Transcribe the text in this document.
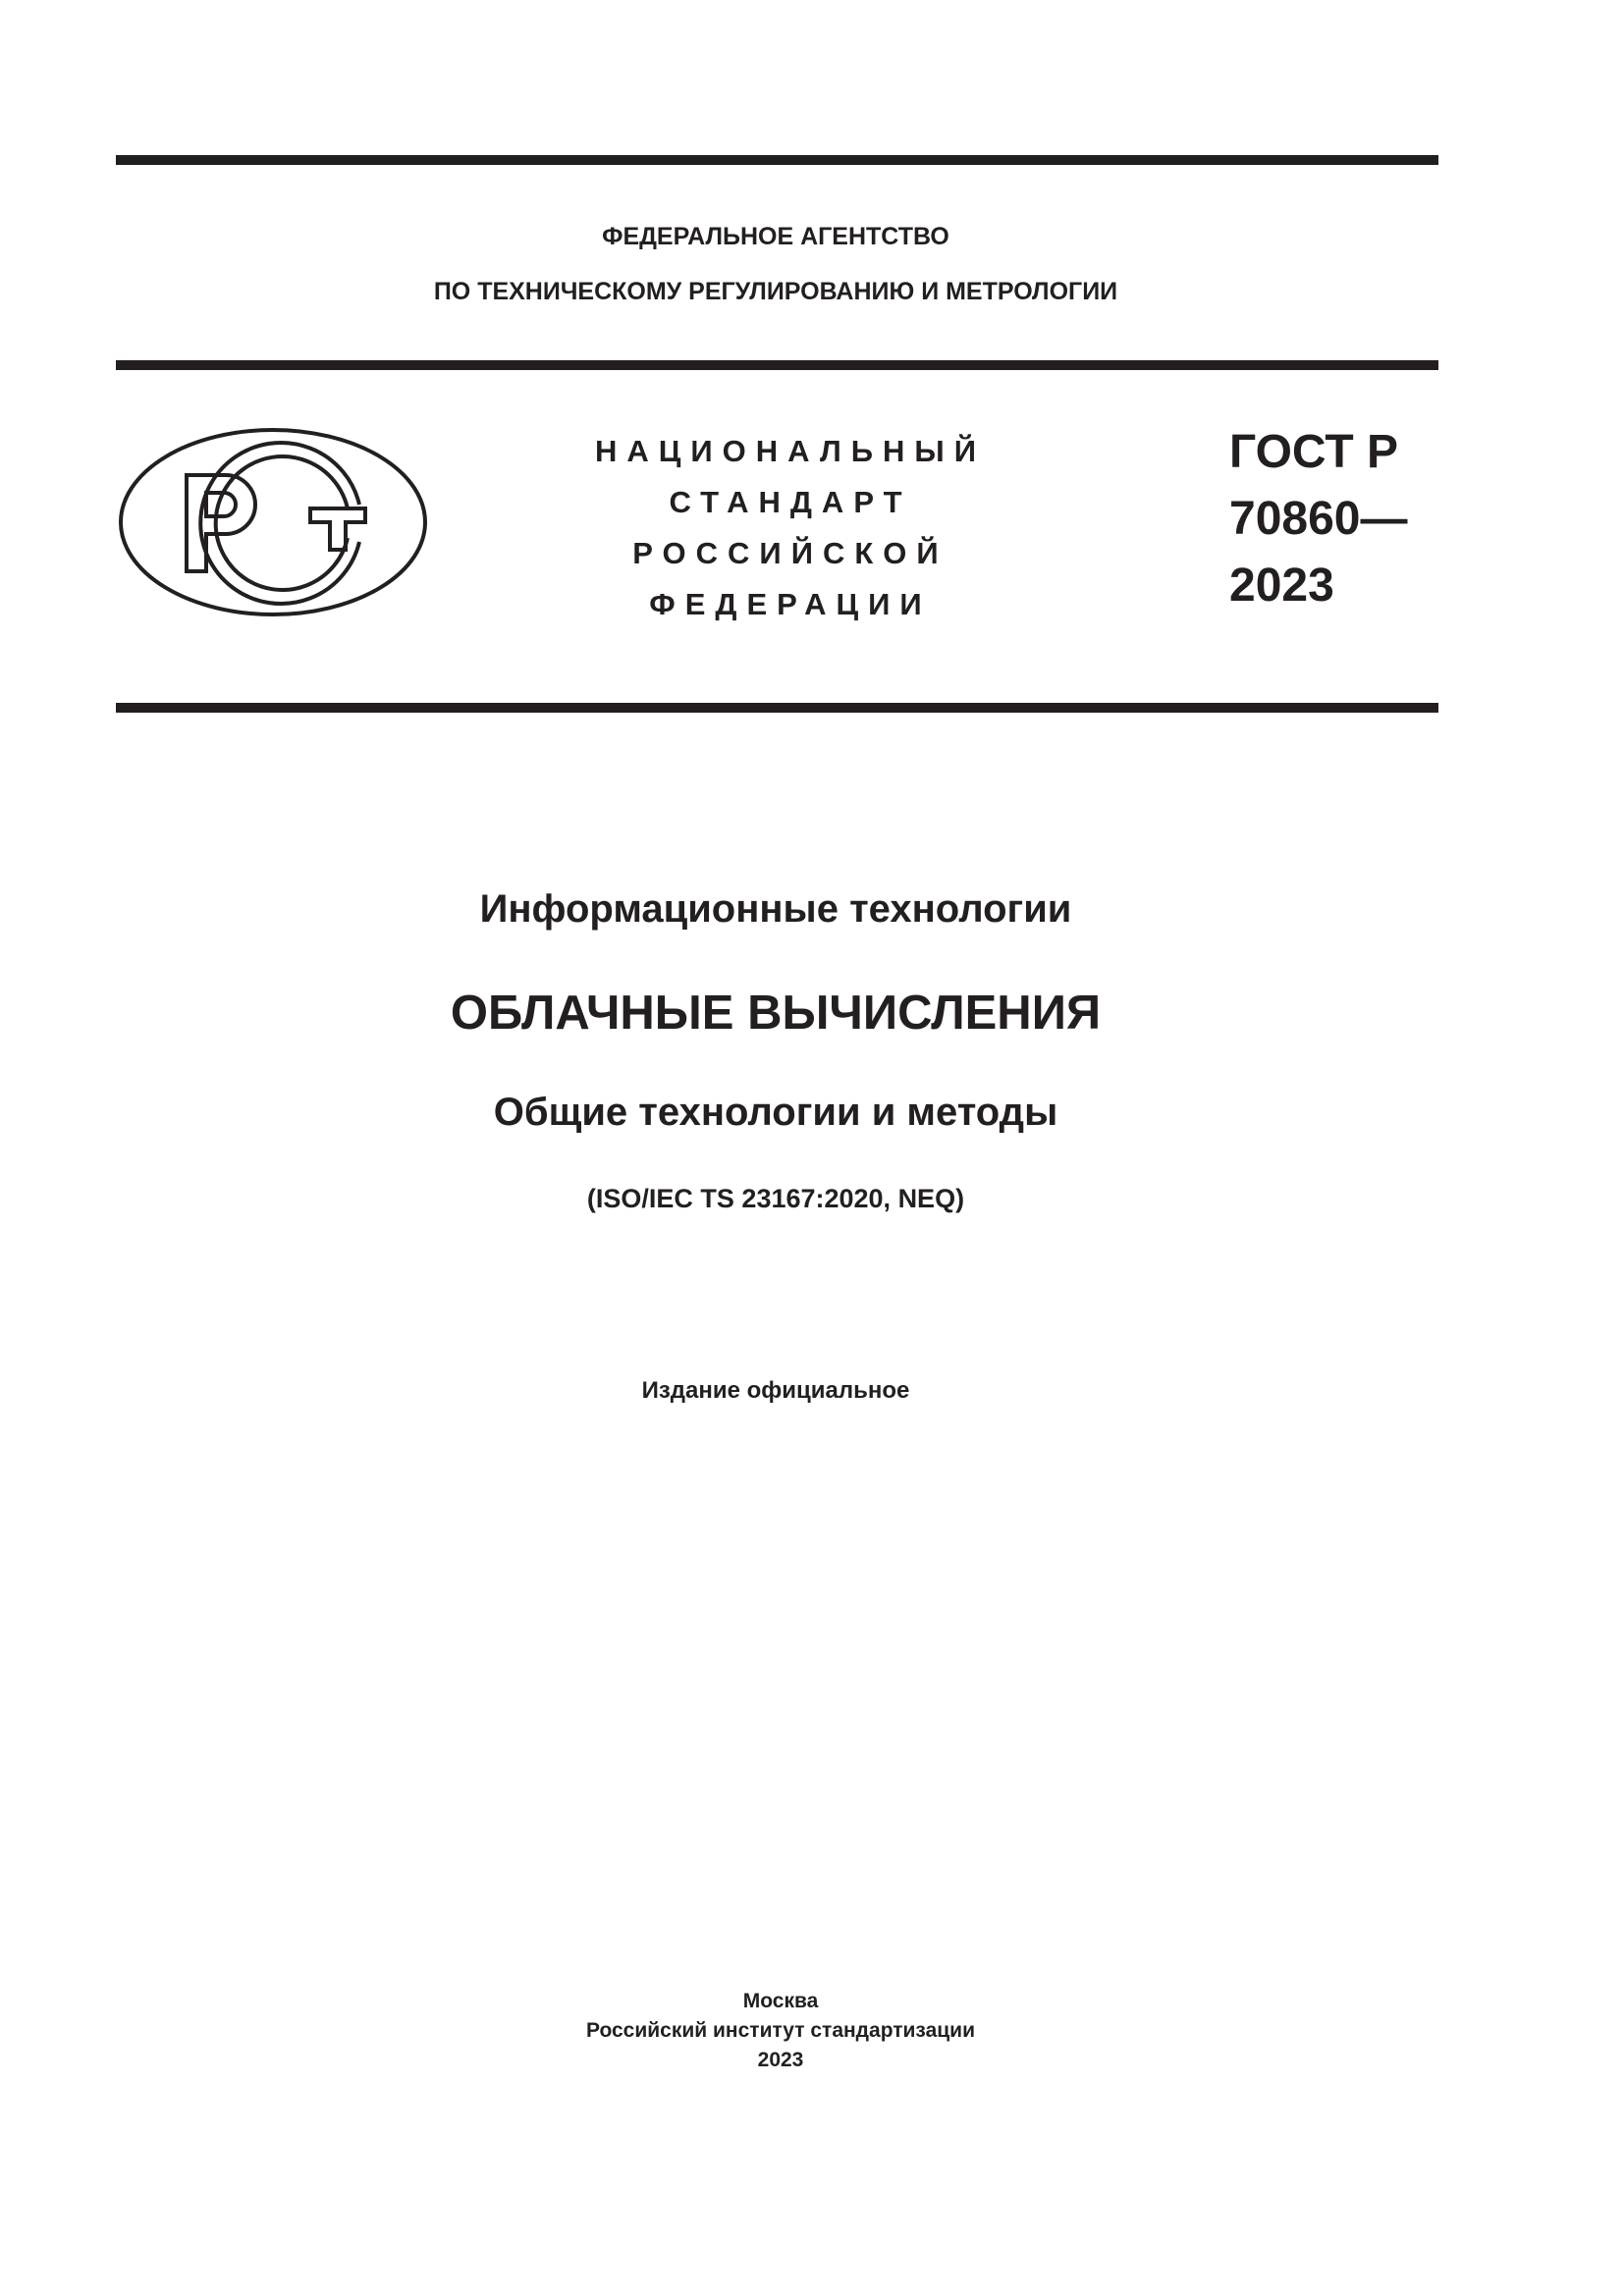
ФЕДЕРАЛЬНОЕ АГЕНТСТВО
ПО ТЕХНИЧЕСКОМУ РЕГУЛИРОВАНИЮ И МЕТРОЛОГИИ
НАЦИОНАЛЬНЫЙ
СТАНДАРТ
РОССИЙСКОЙ
ФЕДЕРАЦИИ
ГОСТ Р
70860—
2023
Информационные технологии
ОБЛАЧНЫЕ ВЫЧИСЛЕНИЯ
Общие технологии и методы
(ISO/IEC TS 23167:2020, NEQ)
Издание официальное
Москва
Российский институт стандартизации
2023
